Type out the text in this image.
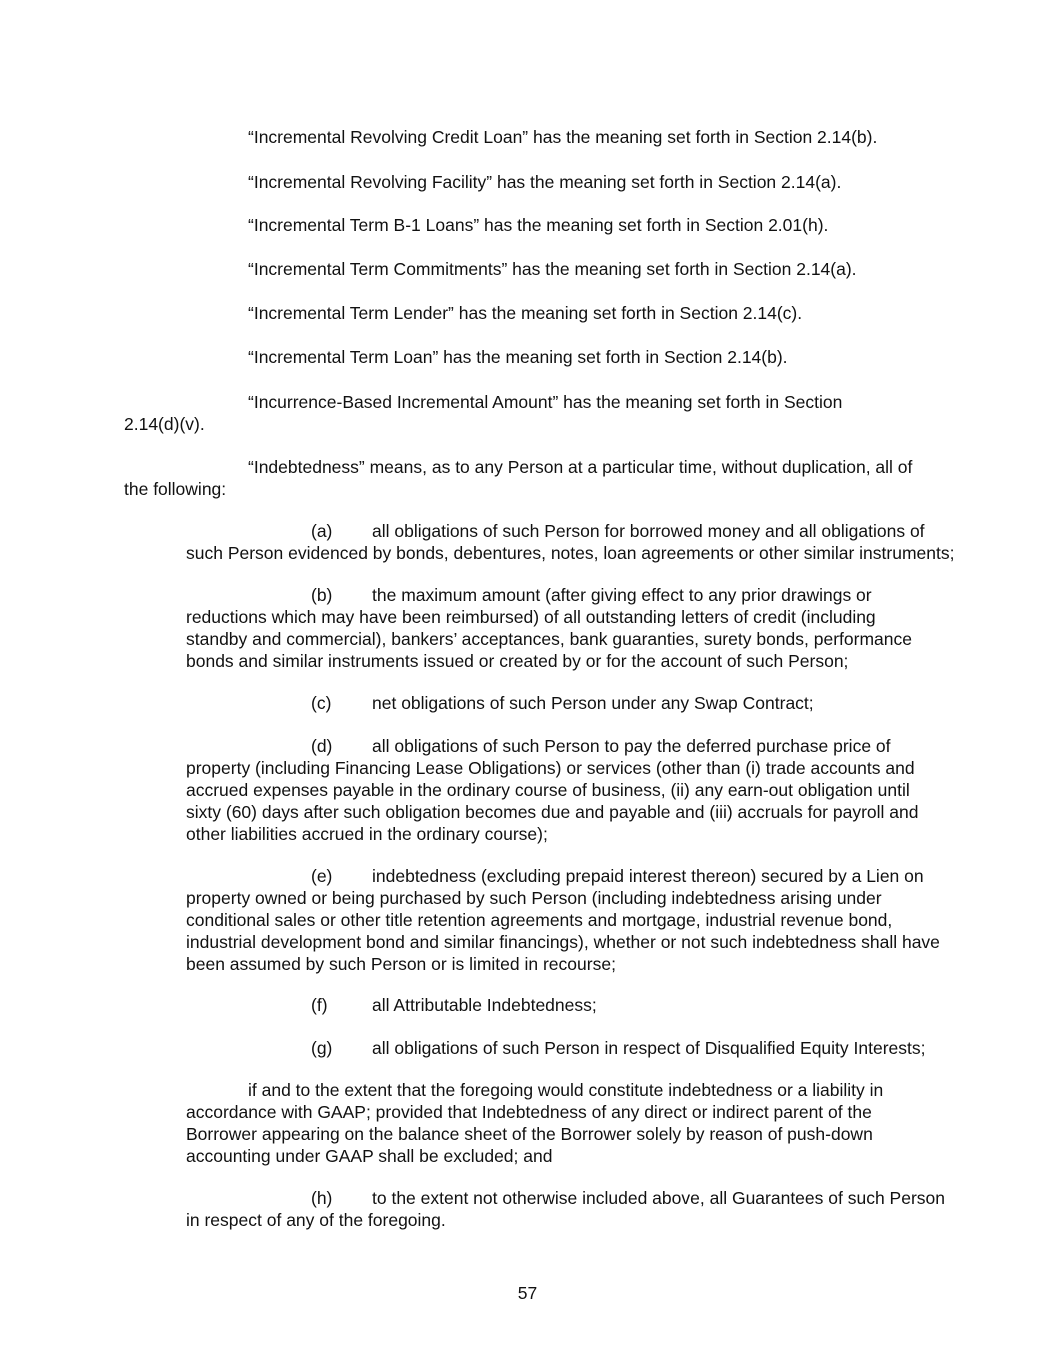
“Incremental Revolving Credit Loan” has the meaning set forth in Section 2.14(b).

“Incremental Revolving Facility” has the meaning set forth in Section 2.14(a).

“Incremental Term B-1 Loans” has the meaning set forth in Section 2.01(h).

“Incremental Term Commitments” has the meaning set forth in Section 2.14(a).

“Incremental Term Lender” has the meaning set forth in Section 2.14(c).

“Incremental Term Loan” has the meaning set forth in Section 2.14(b).

“Incurrence-Based Incremental Amount” has the meaning set forth in Section

2.14(d)(v).

“Indebtedness” means, as to any Person at a particular time, without duplication, all of

the following:

(a) all obligations of such Person for borrowed money and all obligations of

such Person evidenced by bonds, debentures, notes, loan agreements or other similar instruments;

(b) the maximum amount (after giving effect to any prior drawings or

reductions which may have been reimbursed) of all outstanding letters of credit (including

standby and commercial), bankers’ acceptances, bank guaranties, surety bonds, performance

bonds and similar instruments issued or created by or for the account of such Person;

(c) net obligations of such Person under any Swap Contract;

(d) all obligations of such Person to pay the deferred purchase price of

property (including Financing Lease Obligations) or services (other than (i) trade accounts and

accrued expenses payable in the ordinary course of business, (ii) any earn-out obligation until

sixty (60) days after such obligation becomes due and payable and (iii) accruals for payroll and

other liabilities accrued in the ordinary course);

(e) indebtedness (excluding prepaid interest thereon) secured by a Lien on

property owned or being purchased by such Person (including indebtedness arising under

conditional sales or other title retention agreements and mortgage, industrial revenue bond,

industrial development bond and similar financings), whether or not such indebtedness shall have

been assumed by such Person or is limited in recourse;

(f)	all Attributable Indebtedness;

(g) all obligations of such Person in respect of Disqualified Equity Interests;

if and to the extent that the foregoing would constitute indebtedness or a liability in

accordance with GAAP; provided that Indebtedness of any direct or indirect parent of the

Borrower appearing on the balance sheet of the Borrower solely by reason of push-down

accounting under GAAP shall be excluded; and

(h) to the extent not otherwise included above, all Guarantees of such Person

in respect of any of the foregoing.

57
